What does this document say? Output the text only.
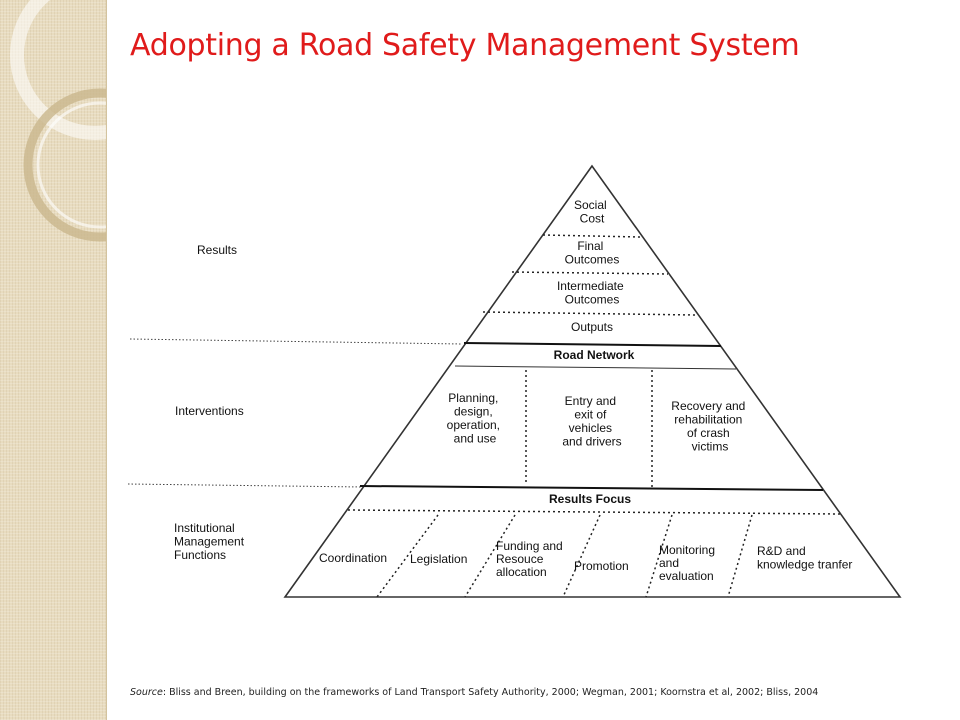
Adopting a Road Safety Management System
Results
Interventions
Institutional Management Functions
Social Cost
Final Outcomes
Intermediate Outcomes
Outputs
Road Network
Planning, design, operation, and use
Entry and exit of vehicles and drivers
Recovery and rehabilitation of crash victims
Results Focus
Coordination Legislation
Funding and Resouce allocation	Promotion
Monitoring and evaluation
R&D and knowledge tranfer
Source: Bliss and Breen, building on the frameworks of Land Transport Safety Authority, 2000; Wegman, 2001; Koornstra et al, 2002; Bliss, 2004
